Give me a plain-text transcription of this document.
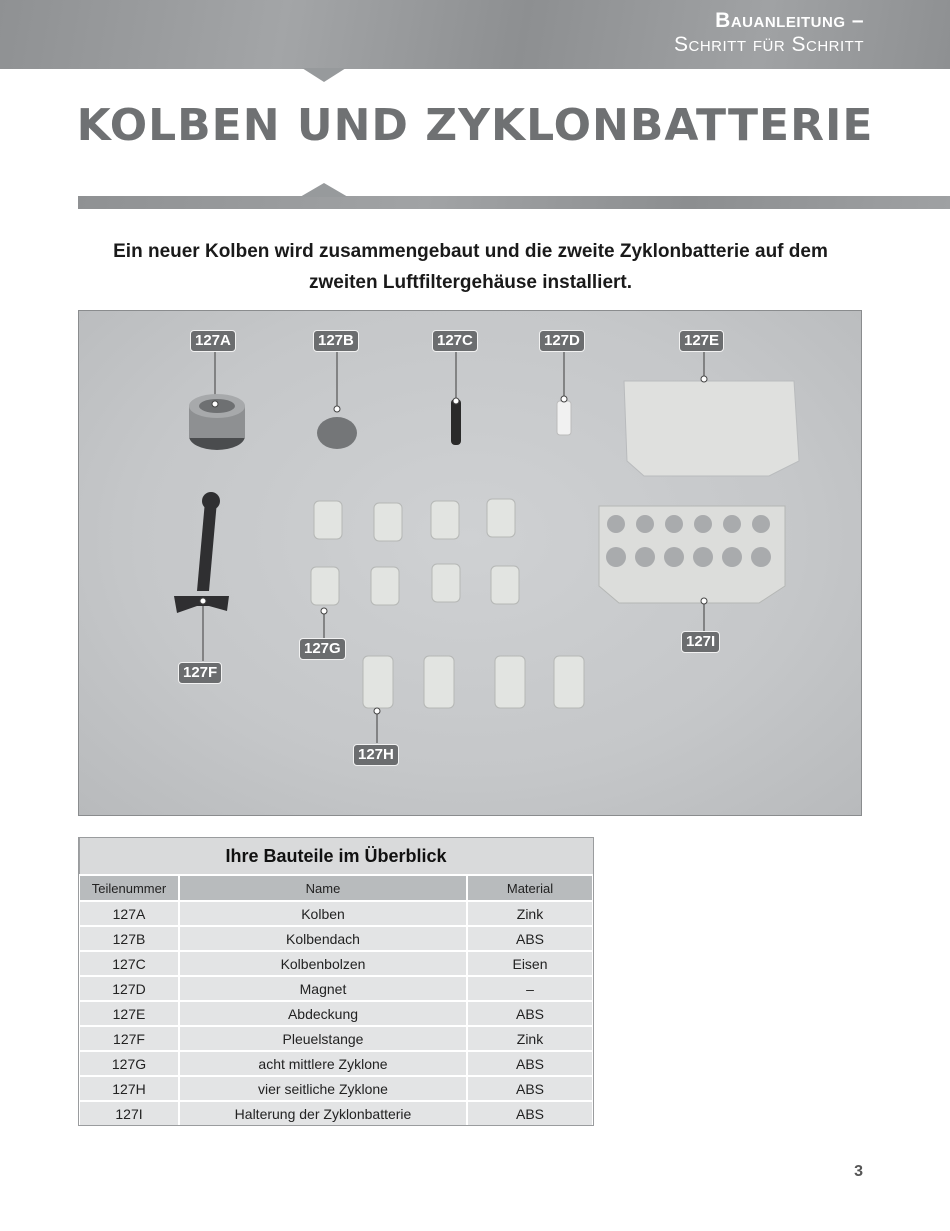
Bauanleitung –
Schritt für Schritt
KOLBEN UND ZYKLONBATTERIE
Ein neuer Kolben wird zusammengebaut und die zweite Zyklonbatterie auf dem zweiten Luftfiltergehäuse installiert.
127A	127B	127C	127D	127E
127F
127G
127H
127I
Ihre Bauteile im Überblick		
Teilenummer	Name	Material
127A	Kolben	Zink
127B	Kolbendach	ABS
127C	Kolbenbolzen	Eisen
127D	Magnet	–
127E	Abdeckung	ABS
127F	Pleuelstange	Zink
127G	acht mittlere Zyklone	ABS
127H	vier seitliche Zyklone	ABS
127I	Halterung der Zyklonbatterie	ABS
3
